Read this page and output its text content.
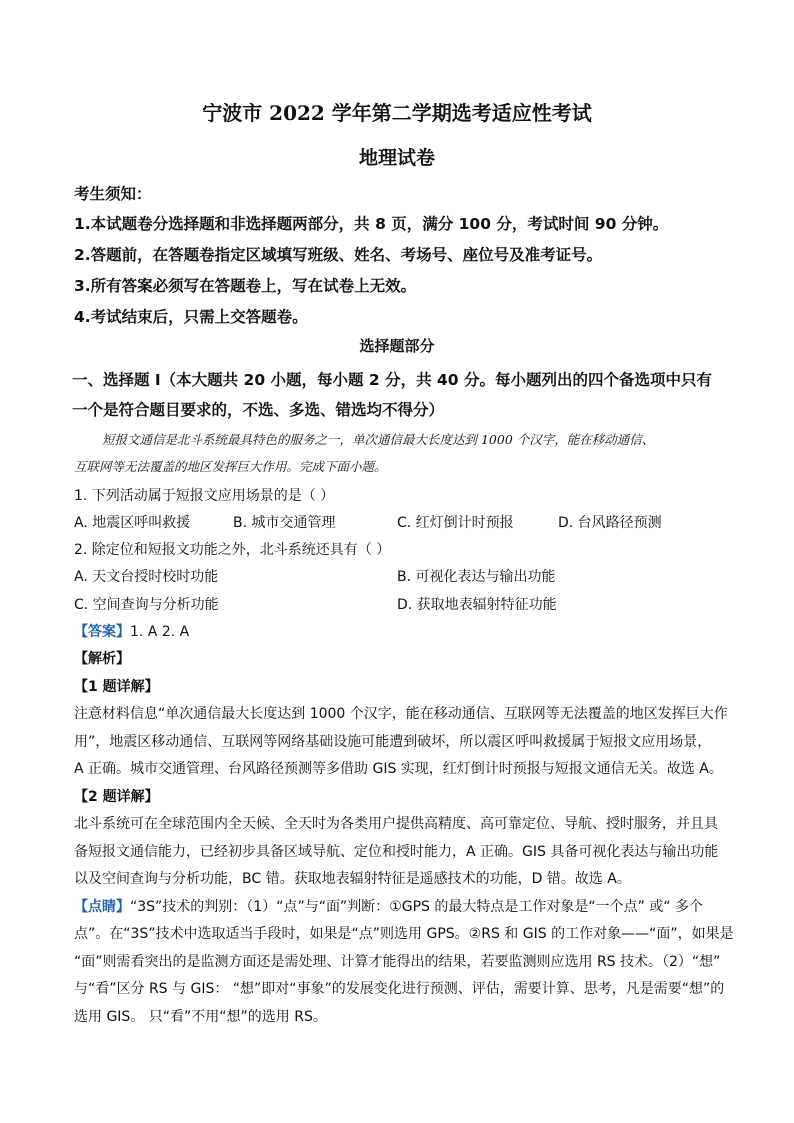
宁波市 2022 学年第二学期选考适应性考试
地理试卷
考生须知：
1.本试题卷分选择题和非选择题两部分，共 8 页，满分 100 分，考试时间 90 分钟。
2.答题前，在答题卷指定区域填写班级、姓名、考场号、座位号及准考证号。
3.所有答案必须写在答题卷上，写在试卷上无效。
4.考试结束后，只需上交答题卷。
选择题部分
一、选择题 I（本大题共 20 小题，每小题 2 分，共 40 分。每小题列出的四个备选项中只有
一个是符合题目要求的，不选、多选、错选均不得分）
短报文通信是北斗系统最具特色的服务之一，单次通信最大长度达到 1000 个汉字，能在移动通信、
互联网等无法覆盖的地区发挥巨大作用。完成下面小题。
1. 下列活动属于短报文应用场景的是（ ）
A. 地震区呼叫救援	B. 城市交通管理	C. 红灯倒计时预报	D. 台风路径预测
2. 除定位和短报文功能之外，北斗系统还具有（ ）
A. 天文台授时校时功能	B. 可视化表达与输出功能
C. 空间查询与分析功能	D. 获取地表辐射特征功能
【答案】1. A 2. A
【解析】
【1 题详解】
注意材料信息“单次通信最大长度达到 1000 个汉字，能在移动通信、互联网等无法覆盖的地区发挥巨大作
用”，地震区移动通信、互联网等网络基础设施可能遭到破坏，所以震区呼叫救援属于短报文应用场景，
A 正确。城市交通管理、台风路径预测等多借助 GIS 实现，红灯倒计时预报与短报文通信无关。故选 A。
【2 题详解】
北斗系统可在全球范围内全天候、全天时为各类用户提供高精度、高可靠定位、导航、授时服务，并且具
备短报文通信能力，已经初步具备区域导航、定位和授时能力，A 正确。GIS 具备可视化表达与输出功能
以及空间查询与分析功能，BC 错。获取地表辐射特征是遥感技术的功能，D 错。故选 A。
【点睛】“3S”技术的判别：（1）“点”与“面”判断：①GPS 的最大特点是工作对象是“一个点” 或“ 多个
点”。在“3S”技术中选取适当手段时，如果是“点”则选用 GPS。②RS 和 GIS 的工作对象——“面”，如果是
“面”则需看突出的是监测方面还是需处理、计算才能得出的结果，若要监测则应选用 RS 技术。（2）“想”
与“看”区分 RS 与 GIS： “想”即对“事象”的发展变化进行预测、评估，需要计算、思考，凡是需要“想”的
选用 GIS。 只“看”不用“想”的选用 RS。
